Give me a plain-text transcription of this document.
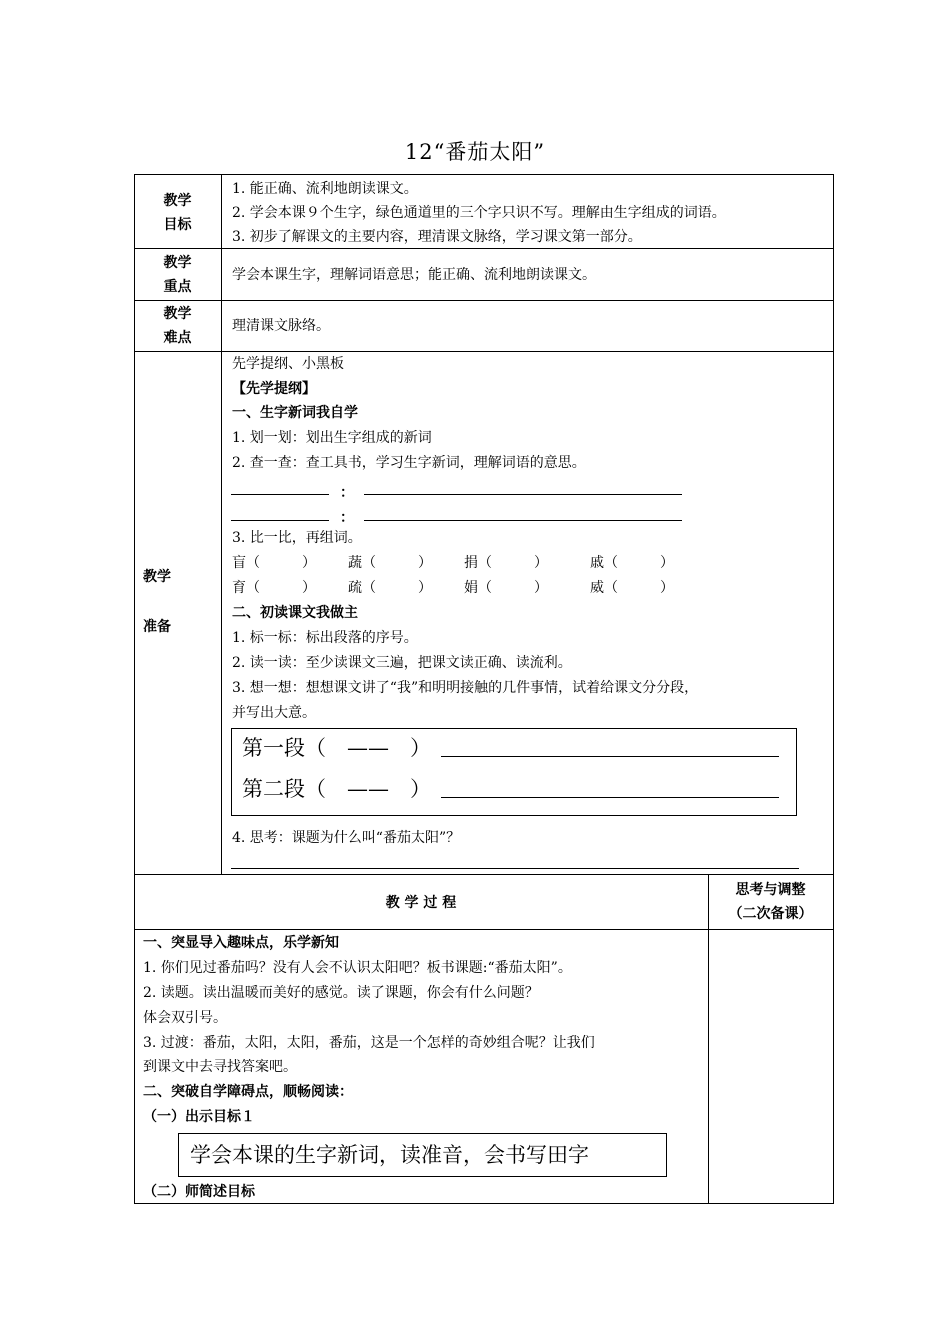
12“番茄太阳”
教学
目标
1. 能正确、流利地朗读课文。
2. 学会本课９个生字，绿色通道里的三个字只识不写。理解由生字组成的词语。
3. 初步了解课文的主要内容，理清课文脉络，学习课文第一部分。
教学
重点
学会本课生字，理解词语意思；能正确、流利地朗读课文。
教学
难点
理清课文脉络。
教学
准备
先学提纲、小黑板
【先学提纲】
一、生字新词我自学
1. 划一划：划出生字组成的新词
2. 查一查：查工具书，学习生字新词，理解词语的意思。
：
：
3. 比一比，再组词。
盲（　　　） 蔬（　　　） 捐（　　　）	戚（　　　）
育（　　　） 疏（　　　） 娟（　　　）	威（　　　）
二、初读课文我做主
1. 标一标：标出段落的序号。
2. 读一读：至少读课文三遍，把课文读正确、读流利。
3. 想一想：想想课文讲了“我”和明明接触的几件事情，试着给课文分分段，
并写出大意。
第一段（　——　）
第二段（　——　）
4. 思考：课题为什么叫“番茄太阳”？
教 学 过 程
思考与调整
（二次备课）
一、突显导入趣味点，乐学新知
1. 你们见过番茄吗？没有人会不认识太阳吧？板书课题:“番茄太阳”。
2. 读题。读出温暖而美好的感觉。读了课题，你会有什么问题？
体会双引号。
3. 过渡：番茄，太阳，太阳，番茄，这是一个怎样的奇妙组合呢？让我们
到课文中去寻找答案吧。
二、突破自学障碍点，顺畅阅读：
（一）出示目标１
学会本课的生字新词，读准音，会书写田字
（二）师简述目标
